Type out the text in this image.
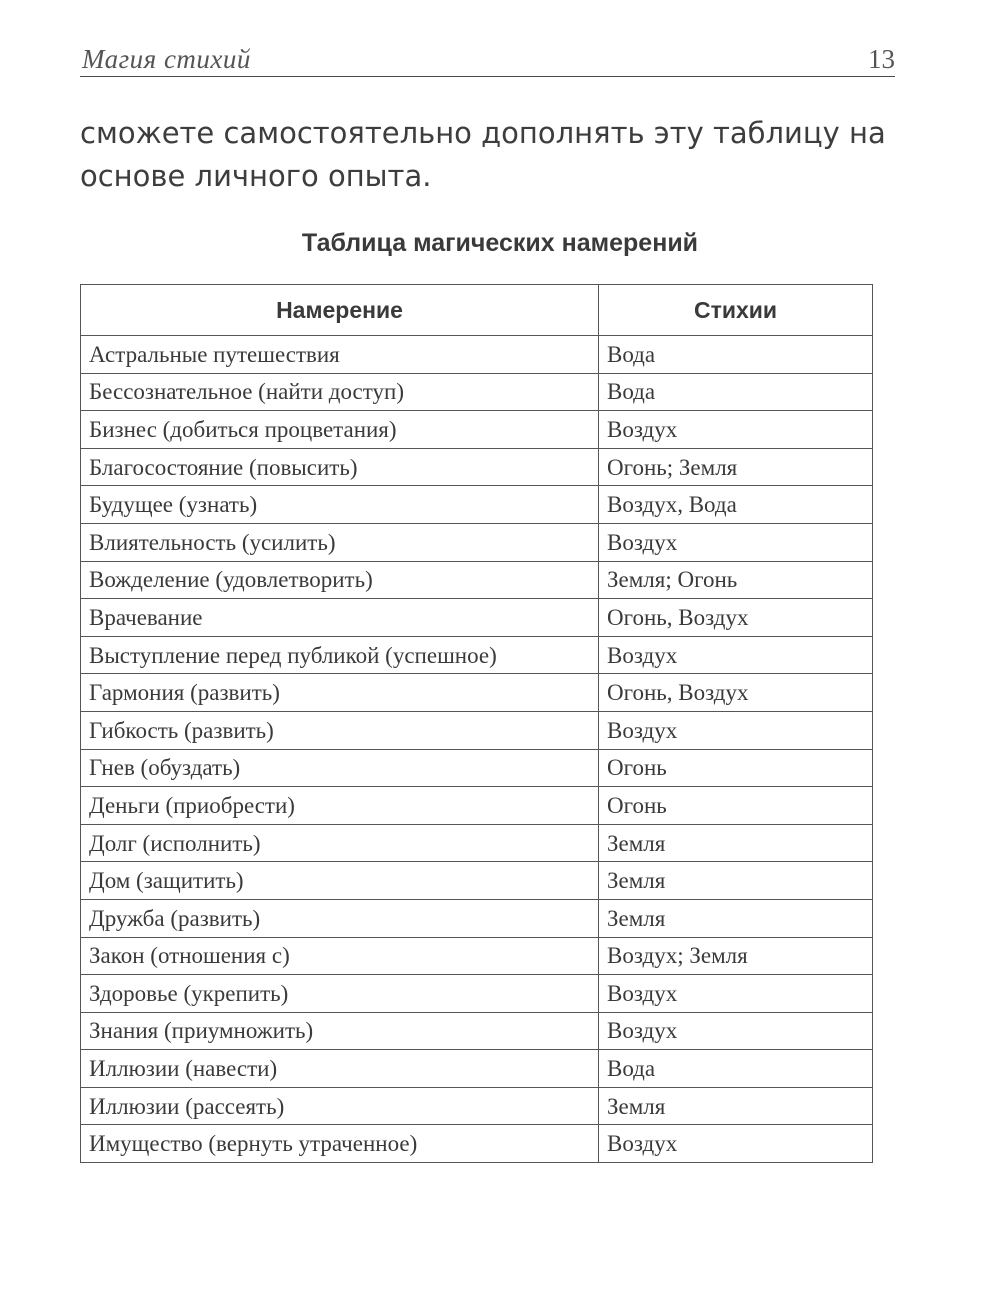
Магия стихий	13
сможете самостоятельно дополнять эту таблицу на основе личного опыта.
Таблица магических намерений
Намерение	Стихии
Астральные путешествия	Вода
Бессознательное (найти доступ)	Вода
Бизнес (добиться процветания)	Воздух
Благосостояние (повысить)	Огонь; Земля
Будущее (узнать)	Воздух, Вода
Влиятельность (усилить)	Воздух
Вожделение (удовлетворить)	Земля; Огонь
Врачевание	Огонь, Воздух
Выступление перед публикой (успешное)	Воздух
Гармония (развить)	Огонь, Воздух
Гибкость (развить)	Воздух
Гнев (обуздать)	Огонь
Деньги (приобрести)	Огонь
Долг (исполнить)	Земля
Дом (защитить)	Земля
Дружба (развить)	Земля
Закон (отношения с)	Воздух; Земля
Здоровье (укрепить)	Воздух
Знания (приумножить)	Воздух
Иллюзии (навести)	Вода
Иллюзии (рассеять)	Земля
Имущество (вернуть утраченное)	Воздух
